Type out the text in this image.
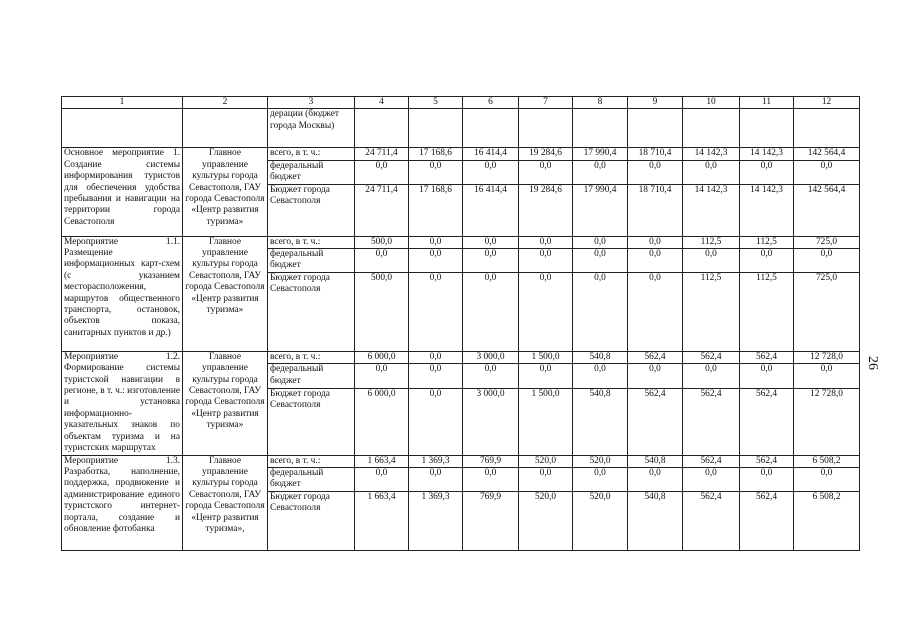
1	2	3	4	5	6	7	8	9	10	11	12
		дерации (бюджет города Москвы)									
Основное мероприятие 1. Создание системы информирования туристов для обеспечения удобства пребывания и навигации на территории города Севастополя	Главное управление культуры города Севастополя, ГАУ города Севастополя «Центр развития туризма»	всего, в т. ч.:	24 711,4	17 168,6	16 414,4	19 284,6	17 990,4	18 710,4	14 142,3	14 142,3	142 564,4
		федеральный бюджет	0,0	0,0	0,0	0,0	0,0	0,0	0,0	0,0	0,0
		Бюджет города Севастополя	24 711,4	17 168,6	16 414,4	19 284,6	17 990,4	18 710,4	14 142,3	14 142,3	142 564,4
Мероприятие 1.1. Размещение информационных карт-схем (с указанием месторасположения, маршрутов общественного транспорта, остановок, объектов показа, санитарных пунктов и др.)	Главное управление культуры города Севастополя, ГАУ города Севастополя «Центр развития туризма»	всего, в т. ч.:	500,0	0,0	0,0	0,0	0,0	0,0	112,5	112,5	725,0
		федеральный бюджет	0,0	0,0	0,0	0,0	0,0	0,0	0,0	0,0	0,0
		Бюджет города Севастополя	500,0	0,0	0,0	0,0	0,0	0,0	112,5	112,5	725,0
Мероприятие 1.2. Формирование системы туристской навигации в регионе, в т. ч.: изготовление и установка информационно-указательных знаков по объектам туризма и на туристских маршрутах	Главное управление культуры города Севастополя, ГАУ города Севастополя «Центр развития туризма»	всего, в т. ч.:	6 000,0	0,0	3 000,0	1 500,0	540,8	562,4	562,4	562,4	12 728,0
		федеральный бюджет	0,0	0,0	0,0	0,0	0,0	0,0	0,0	0,0	0,0
		Бюджет города Севастополя	6 000,0	0,0	3 000,0	1 500,0	540,8	562,4	562,4	562,4	12 728,0
Мероприятие 1.3. Разработка, наполнение, поддержка, продвижение и администрирование единого туристского интернет-портала, создание и обновление фотобанка	Главное управление культуры города Севастополя, ГАУ города Севастополя «Центр развития туризма»,	всего, в т. ч.:	1 663,4	1 369,3	769,9	520,0	520,0	540,8	562,4	562,4	6 508,2
		федеральный бюджет	0,0	0,0	0,0	0,0	0,0	0,0	0,0	0,0	0,0
		Бюджет города Севастополя	1 663,4	1 369,3	769,9	520,0	520,0	540,8	562,4	562,4	6 508,2
26
